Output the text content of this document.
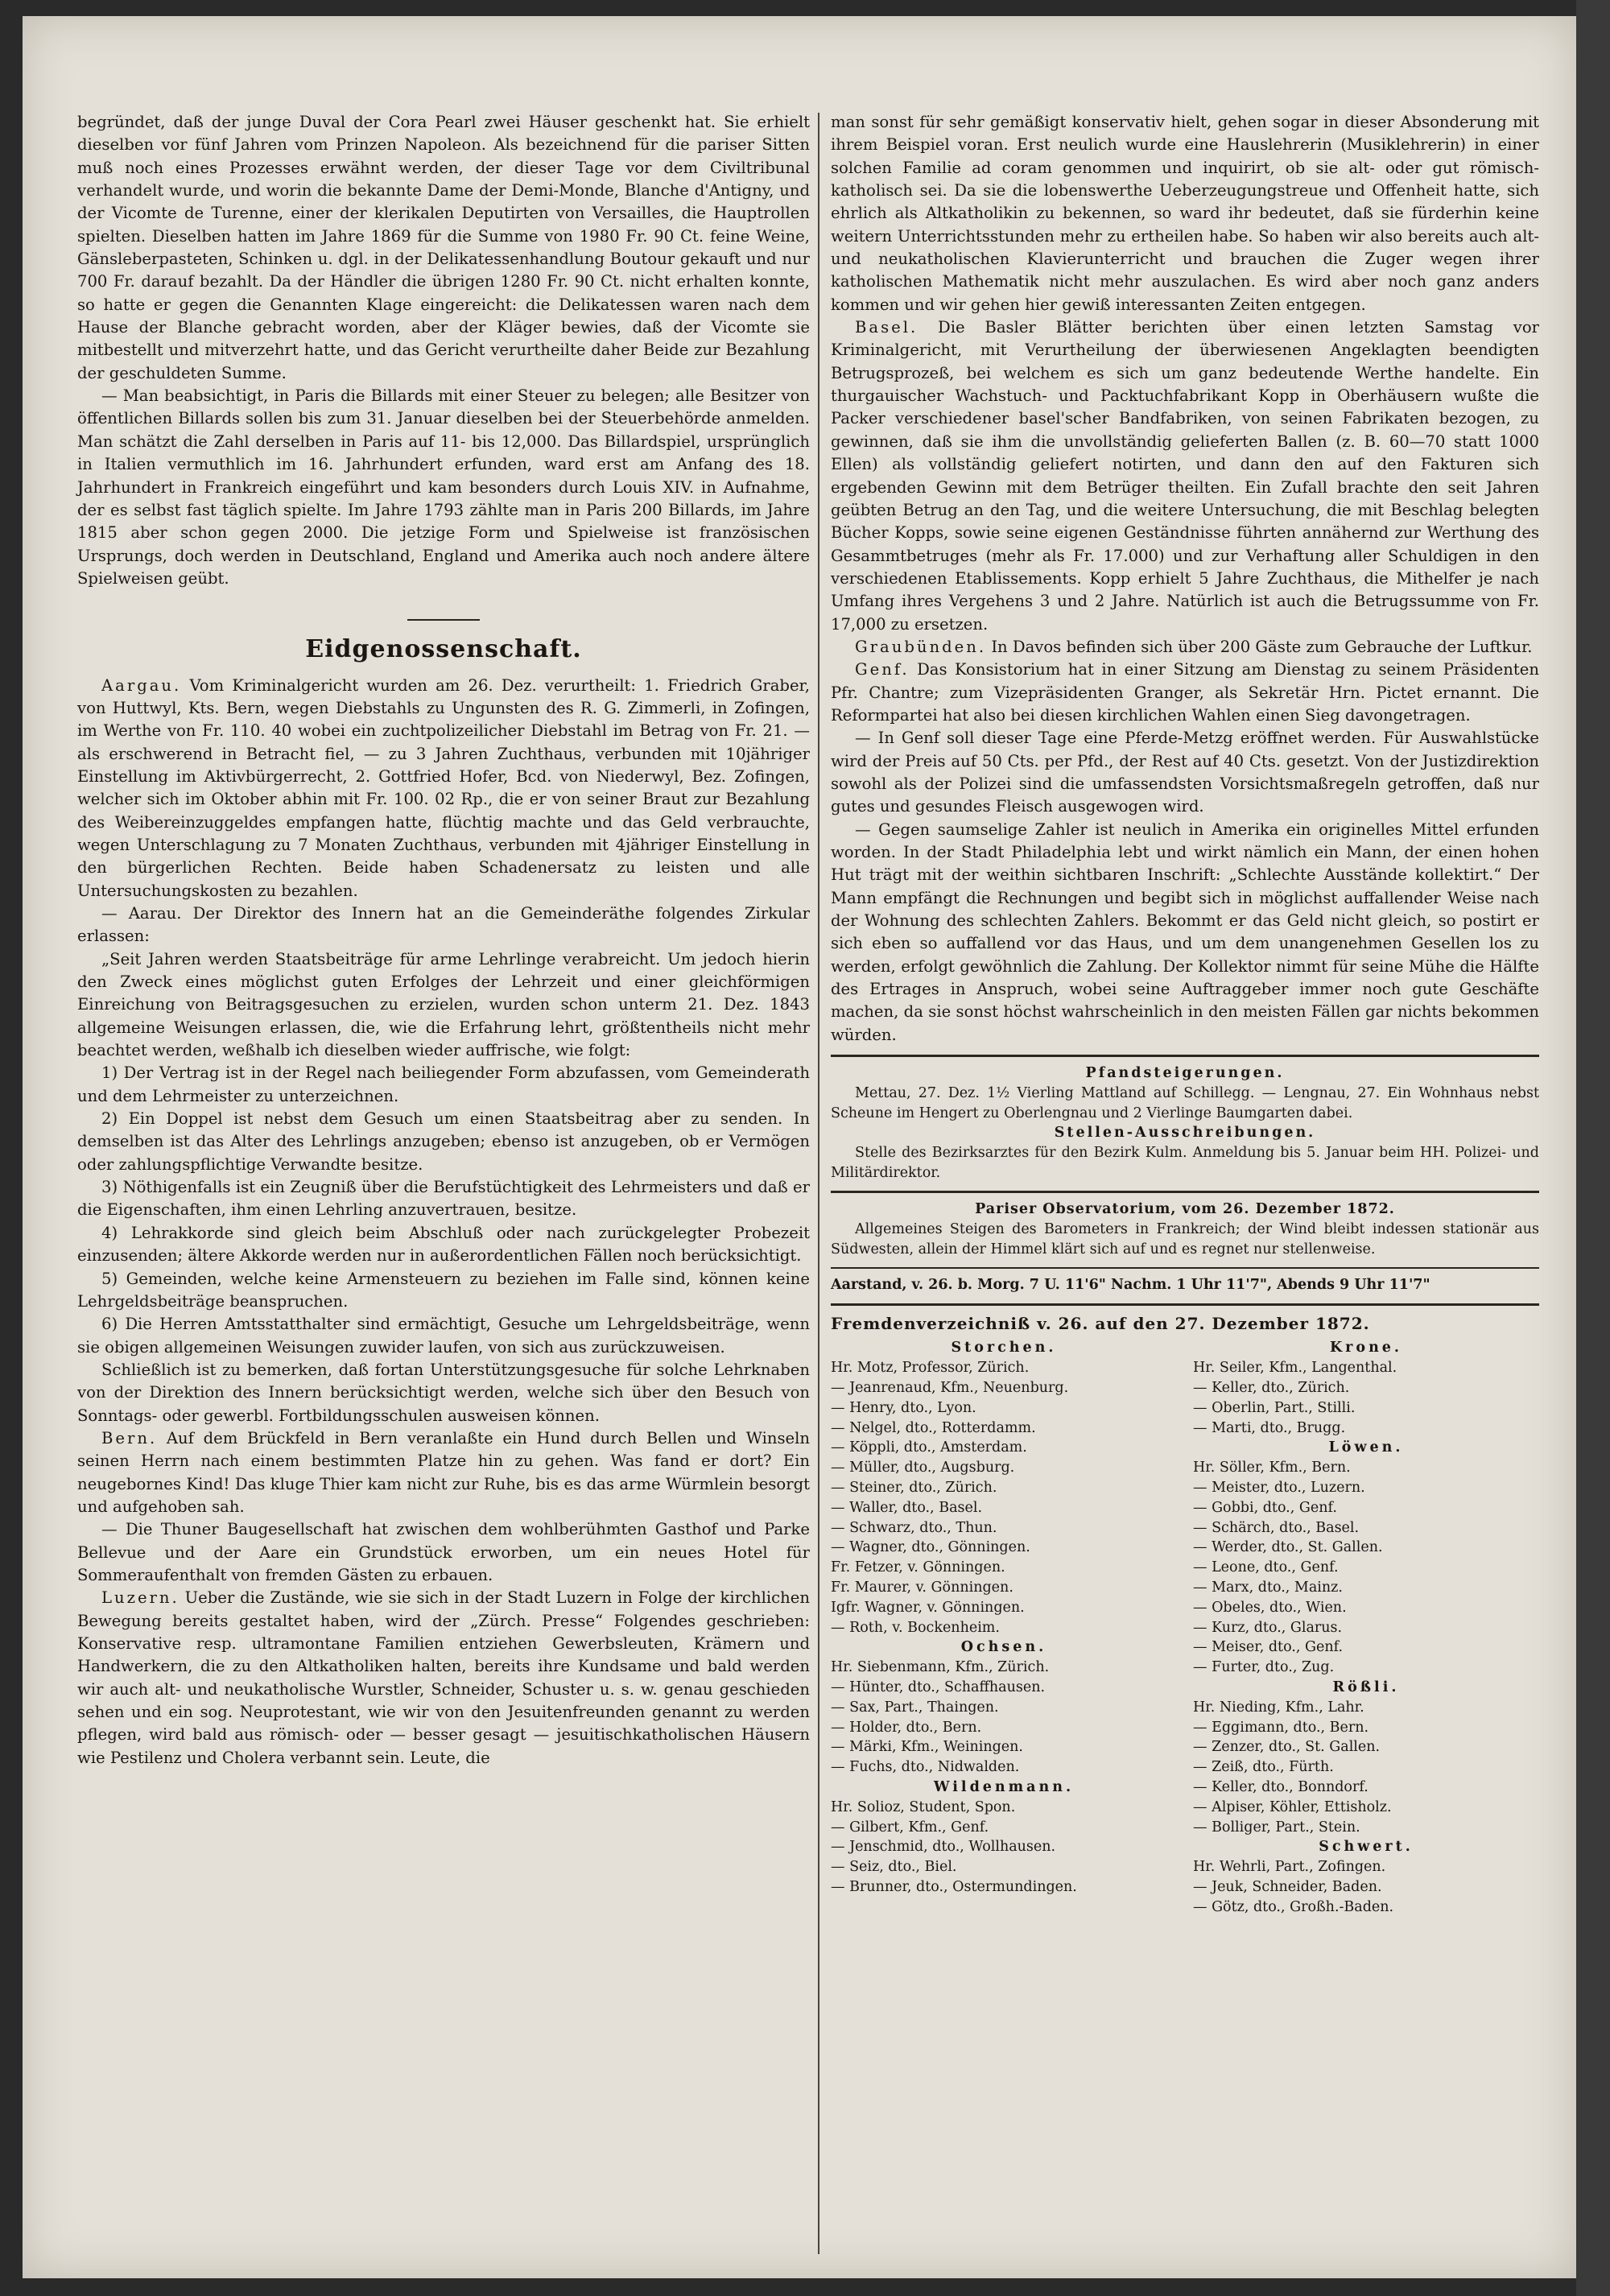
begründet, daß der junge Duval der Cora Pearl zwei Häuser geschenkt hat. Sie erhielt dieselben vor fünf Jahren vom Prinzen Napoleon. Als bezeichnend für die pariser Sitten muß noch eines Prozesses erwähnt werden, der dieser Tage vor dem Civiltribunal verhandelt wurde, und worin die bekannte Dame der Demi-Monde, Blanche d'Antigny, und der Vicomte de Turenne, einer der klerikalen Deputirten von Versailles, die Hauptrollen spielten. Dieselben hatten im Jahre 1869 für die Summe von 1980 Fr. 90 Ct. feine Weine, Gänsleberpasteten, Schinken u. dgl. in der Delikatessenhandlung Boutour gekauft und nur 700 Fr. darauf bezahlt. Da der Händler die übrigen 1280 Fr. 90 Ct. nicht erhalten konnte, so hatte er gegen die Genannten Klage eingereicht: die Delikatessen waren nach dem Hause der Blanche gebracht worden, aber der Kläger bewies, daß der Vicomte sie mitbestellt und mitverzehrt hatte, und das Gericht verurtheilte daher Beide zur Bezahlung der geschuldeten Summe.

— Man beabsichtigt, in Paris die Billards mit einer Steuer zu belegen; alle Besitzer von öffentlichen Billards sollen bis zum 31. Januar dieselben bei der Steuerbehörde anmelden. Man schätzt die Zahl derselben in Paris auf 11- bis 12,000. Das Billardspiel, ursprünglich in Italien vermuthlich im 16. Jahrhundert erfunden, ward erst am Anfang des 18. Jahrhundert in Frankreich eingeführt und kam besonders durch Louis XIV. in Aufnahme, der es selbst fast täglich spielte. Im Jahre 1793 zählte man in Paris 200 Billards, im Jahre 1815 aber schon gegen 2000. Die jetzige Form und Spielweise ist französischen Ursprungs, doch werden in Deutschland, England und Amerika auch noch andere ältere Spielweisen geübt.

Eidgenossenschaft.

Aargau. Vom Kriminalgericht wurden am 26. Dez. verurtheilt: 1. Friedrich Graber, von Huttwyl, Kts. Bern, wegen Diebstahls zu Ungunsten des R. G. Zimmerli, in Zofingen, im Werthe von Fr. 110. 40 wobei ein zuchtpolizeilicher Diebstahl im Betrag von Fr. 21. — als erschwerend in Betracht fiel, — zu 3 Jahren Zuchthaus, verbunden mit 10jähriger Einstellung im Aktivbürgerrecht, 2. Gottfried Hofer, Bcd. von Niederwyl, Bez. Zofingen, welcher sich im Oktober abhin mit Fr. 100. 02 Rp., die er von seiner Braut zur Bezahlung des Weibereinzuggeldes empfangen hatte, flüchtig machte und das Geld verbrauchte, wegen Unterschlagung zu 7 Monaten Zuchthaus, verbunden mit 4jähriger Einstellung in den bürgerlichen Rechten. Beide haben Schadenersatz zu leisten und alle Untersuchungskosten zu bezahlen.

— Aarau. Der Direktor des Innern hat an die Gemeinderäthe folgendes Zirkular erlassen:

„Seit Jahren werden Staatsbeiträge für arme Lehrlinge verabreicht. Um jedoch hierin den Zweck eines möglichst guten Erfolges der Lehrzeit und einer gleichförmigen Einreichung von Beitragsgesuchen zu erzielen, wurden schon unterm 21. Dez. 1843 allgemeine Weisungen erlassen, die, wie die Erfahrung lehrt, größtentheils nicht mehr beachtet werden, weßhalb ich dieselben wieder auffrische, wie folgt:

1) Der Vertrag ist in der Regel nach beiliegender Form abzufassen, vom Gemeinderath und dem Lehrmeister zu unterzeichnen.

2) Ein Doppel ist nebst dem Gesuch um einen Staatsbeitrag aber zu senden. In demselben ist das Alter des Lehrlings anzugeben; ebenso ist anzugeben, ob er Vermögen oder zahlungspflichtige Verwandte besitze.

3) Nöthigenfalls ist ein Zeugniß über die Berufstüchtigkeit des Lehrmeisters und daß er die Eigenschaften, ihm einen Lehrling anzuvertrauen, besitze.

4) Lehrakkorde sind gleich beim Abschluß oder nach zurückgelegter Probezeit einzusenden; ältere Akkorde werden nur in außerordentlichen Fällen noch berücksichtigt.

5) Gemeinden, welche keine Armensteuern zu beziehen im Falle sind, können keine Lehrgeldsbeiträge beanspruchen.

6) Die Herren Amtsstatthalter sind ermächtigt, Gesuche um Lehrgeldsbeiträge, wenn sie obigen allgemeinen Weisungen zuwider laufen, von sich aus zurückzuweisen.

Schließlich ist zu bemerken, daß fortan Unterstützungsgesuche für solche Lehrknaben von der Direktion des Innern berücksichtigt werden, welche sich über den Besuch von Sonntags- oder gewerbl. Fortbildungsschulen ausweisen können.

Bern. Auf dem Brückfeld in Bern veranlaßte ein Hund durch Bellen und Winseln seinen Herrn nach einem bestimmten Platze hin zu gehen. Was fand er dort? Ein neugebornes Kind! Das kluge Thier kam nicht zur Ruhe, bis es das arme Würmlein besorgt und aufgehoben sah.

— Die Thuner Baugesellschaft hat zwischen dem wohlberühmten Gasthof und Parke Bellevue und der Aare ein Grundstück erworben, um ein neues Hotel für Sommeraufenthalt von fremden Gästen zu erbauen.

Luzern. Ueber die Zustände, wie sie sich in der Stadt Luzern in Folge der kirchlichen Bewegung bereits gestaltet haben, wird der „Zürch. Presse“ Folgendes geschrieben: Konservative resp. ultramontane Familien entziehen Gewerbsleuten, Krämern und Handwerkern, die zu den Altkatholiken halten, bereits ihre Kundsame und bald werden wir auch alt- und neukatholische Wurstler, Schneider, Schuster u. s. w. genau geschieden sehen und ein sog. Neuprotestant, wie wir von den Jesuitenfreunden genannt zu werden pflegen, wird bald aus römisch- oder — besser gesagt — jesuitischkatholischen Häusern wie Pestilenz und Cholera verbannt sein. Leute, die

man sonst für sehr gemäßigt konservativ hielt, gehen sogar in dieser Absonderung mit ihrem Beispiel voran. Erst neulich wurde eine Hauslehrerin (Musiklehrerin) in einer solchen Familie ad coram genommen und inquirirt, ob sie alt- oder gut römisch-katholisch sei. Da sie die lobenswerthe Ueberzeugungstreue und Offenheit hatte, sich ehrlich als Altkatholikin zu bekennen, so ward ihr bedeutet, daß sie fürderhin keine weitern Unterrichtsstunden mehr zu ertheilen habe. So haben wir also bereits auch alt- und neukatholischen Klavierunterricht und brauchen die Zuger wegen ihrer katholischen Mathematik nicht mehr auszulachen. Es wird aber noch ganz anders kommen und wir gehen hier gewiß interessanten Zeiten entgegen.

Basel. Die Basler Blätter berichten über einen letzten Samstag vor Kriminalgericht, mit Verurtheilung der überwiesenen Angeklagten beendigten Betrugsprozeß, bei welchem es sich um ganz bedeutende Werthe handelte. Ein thurgauischer Wachstuch- und Packtuchfabrikant Kopp in Oberhäusern wußte die Packer verschiedener basel'scher Bandfabriken, von seinen Fabrikaten bezogen, zu gewinnen, daß sie ihm die unvollständig gelieferten Ballen (z. B. 60—70 statt 1000 Ellen) als vollständig geliefert notirten, und dann den auf den Fakturen sich ergebenden Gewinn mit dem Betrüger theilten. Ein Zufall brachte den seit Jahren geübten Betrug an den Tag, und die weitere Untersuchung, die mit Beschlag belegten Bücher Kopps, sowie seine eigenen Geständnisse führten annähernd zur Werthung des Gesammtbetruges (mehr als Fr. 17.000) und zur Verhaftung aller Schuldigen in den verschiedenen Etablissements. Kopp erhielt 5 Jahre Zuchthaus, die Mithelfer je nach Umfang ihres Vergehens 3 und 2 Jahre. Natürlich ist auch die Betrugssumme von Fr. 17,000 zu ersetzen.

Graubünden. In Davos befinden sich über 200 Gäste zum Gebrauche der Luftkur.

Genf. Das Konsistorium hat in einer Sitzung am Dienstag zu seinem Präsidenten Pfr. Chantre; zum Vizepräsidenten Granger, als Sekretär Hrn. Pictet ernannt. Die Reformpartei hat also bei diesen kirchlichen Wahlen einen Sieg davongetragen.

— In Genf soll dieser Tage eine Pferde-Metzg eröffnet werden. Für Auswahlstücke wird der Preis auf 50 Cts. per Pfd., der Rest auf 40 Cts. gesetzt. Von der Justizdirektion sowohl als der Polizei sind die umfassendsten Vorsichtsmaßregeln getroffen, daß nur gutes und gesundes Fleisch ausgewogen wird.

— Gegen saumselige Zahler ist neulich in Amerika ein originelles Mittel erfunden worden. In der Stadt Philadelphia lebt und wirkt nämlich ein Mann, der einen hohen Hut trägt mit der weithin sichtbaren Inschrift: „Schlechte Ausstände kollektirt.“ Der Mann empfängt die Rechnungen und begibt sich in möglichst auffallender Weise nach der Wohnung des schlechten Zahlers. Bekommt er das Geld nicht gleich, so postirt er sich eben so auffallend vor das Haus, und um dem unangenehmen Gesellen los zu werden, erfolgt gewöhnlich die Zahlung. Der Kollektor nimmt für seine Mühe die Hälfte des Ertrages in Anspruch, wobei seine Auftraggeber immer noch gute Geschäfte machen, da sie sonst höchst wahrscheinlich in den meisten Fällen gar nichts bekommen würden.

Pfandsteigerungen.

Mettau, 27. Dez. 1½ Vierling Mattland auf Schillegg. — Lengnau, 27. Ein Wohnhaus nebst Scheune im Hengert zu Oberlengnau und 2 Vierlinge Baumgarten dabei.

Stellen-Ausschreibungen.

Stelle des Bezirksarztes für den Bezirk Kulm. Anmeldung bis 5. Januar beim HH. Polizei- und Militärdirektor.

Pariser Observatorium, vom 26. Dezember 1872.

Allgemeines Steigen des Barometers in Frankreich; der Wind bleibt indessen stationär aus Südwesten, allein der Himmel klärt sich auf und es regnet nur stellenweise.

Aarstand, v. 26. b. Morg. 7 U. 11'6" Nachm. 1 Uhr 11'7", Abends 9 Uhr 11'7"

Fremdenverzeichniß v. 26. auf den 27. Dezember 1872.
Storchen.
Hr. Motz, Professor, Zürich.
— Jeanrenaud, Kfm., Neuenburg.
— Henry, dto., Lyon.
— Nelgel, dto., Rotterdamm.
— Köppli, dto., Amsterdam.
— Müller, dto., Augsburg.
— Steiner, dto., Zürich.
— Waller, dto., Basel.
— Schwarz, dto., Thun.
— Wagner, dto., Gönningen.
Fr. Fetzer, v. Gönningen.
Fr. Maurer, v. Gönningen.
Igfr. Wagner, v. Gönningen.
— Roth, v. Bockenheim.
Ochsen.
Hr. Siebenmann, Kfm., Zürich.
— Hünter, dto., Schaffhausen.
— Sax, Part., Thaingen.
— Holder, dto., Bern.
— Märki, Kfm., Weiningen.
— Fuchs, dto., Nidwalden.
Wildenmann.
Hr. Solioz, Student, Spon.
— Gilbert, Kfm., Genf.
— Jenschmid, dto., Wollhausen.
— Seiz, dto., Biel.
— Brunner, dto., Ostermundingen.
Krone.
Hr. Seiler, Kfm., Langenthal.
— Keller, dto., Zürich.
— Oberlin, Part., Stilli.
— Marti, dto., Brugg.
Löwen.
Hr. Söller, Kfm., Bern.
— Meister, dto., Luzern.
— Gobbi, dto., Genf.
— Schärch, dto., Basel.
— Werder, dto., St. Gallen.
— Leone, dto., Genf.
— Marx, dto., Mainz.
— Obeles, dto., Wien.
— Kurz, dto., Glarus.
— Meiser, dto., Genf.
— Furter, dto., Zug.
Rößli.
Hr. Nieding, Kfm., Lahr.
— Eggimann, dto., Bern.
— Zenzer, dto., St. Gallen.
— Zeiß, dto., Fürth.
— Keller, dto., Bonndorf.
— Alpiser, Köhler, Ettisholz.
— Bolliger, Part., Stein.
Schwert.
Hr. Wehrli, Part., Zofingen.
— Jeuk, Schneider, Baden.
— Götz, dto., Großh.-Baden.
